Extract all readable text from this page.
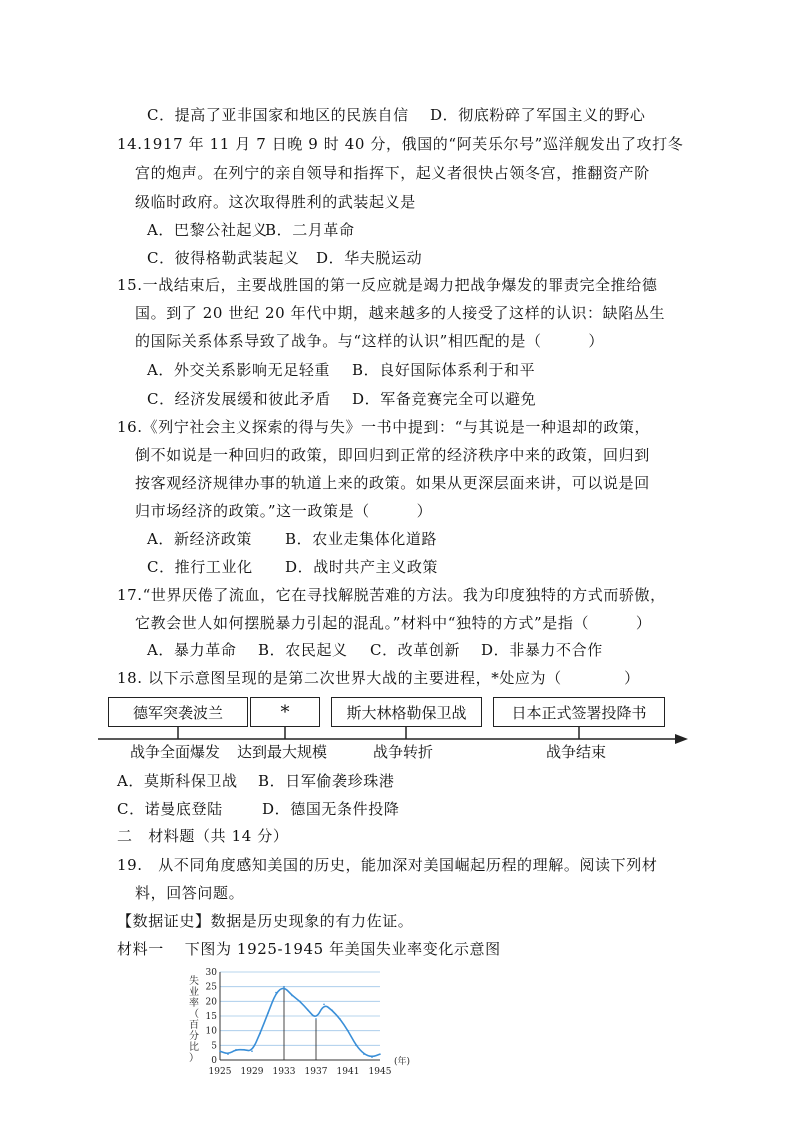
C．提高了亚非国家和地区的民族自信 D．彻底粉碎了军国主义的野心
14.1917 年 11 月 7 日晚 9 时 40 分，俄国的“阿芙乐尔号”巡洋舰发出了攻打冬
宫的炮声。在列宁的亲自领导和指挥下，起义者很快占领冬宫，推翻资产阶
级临时政府。这次取得胜利的武装起义是
A．巴黎公社起义
B．二月革命
C．彼得格勒武装起义 D．华夫脱运动
15.一战结束后，主要战胜国的第一反应就是竭力把战争爆发的罪责完全推给德
国。到了 20 世纪 20 年代中期，越来越多的人接受了这样的认识：缺陷丛生
的国际关系体系导致了战争。与“这样的认识”相匹配的是（　　　）
A．外交关系影响无足轻重 B．良好国际体系利于和平
C．经济发展缓和彼此矛盾 D．军备竞赛完全可以避免
16.《列宁社会主义探索的得与失》一书中提到：“与其说是一种退却的政策，
倒不如说是一种回归的政策，即回归到正常的经济秩序中来的政策，回归到
按客观经济规律办事的轨道上来的政策。如果从更深层面来讲，可以说是回
归市场经济的政策。”这一政策是（　　　）
A．新经济政策 B．农业走集体化道路
C．推行工业化 D．战时共产主义政策
17.“世界厌倦了流血，它在寻找解脱苦难的方法。我为印度独特的方式而骄傲，
它教会世人如何摆脱暴力引起的混乱。”材料中“独特的方式”是指（　　　）
A．暴力革命 B．农民起义 C．改革创新 D．非暴力不合作
18. 以下示意图呈现的是第二次世界大战的主要进程，*处应为（　　　　）
德军突袭波兰	*	斯大林格勒保卫战	日本正式签署投降书
战争全面爆发 达到最大规模	战争转折	战争结束
A．莫斯科保卫战 B．日军偷袭珍珠港
C．诺曼底登陆	D．德国无条件投降
二　材料题（共 14 分）
19.　从不同角度感知美国的历史，能加深对美国崛起历程的理解。阅读下列材
料，回答问题。
【数据证史】数据是历史现象的有力佐证。
材料一　 下图为 1925-1945 年美国失业率变化示意图
0
5
10
15
20
25
30
1925 1929 1933 1937 1941 1945
(年)
失业率（百分比）
